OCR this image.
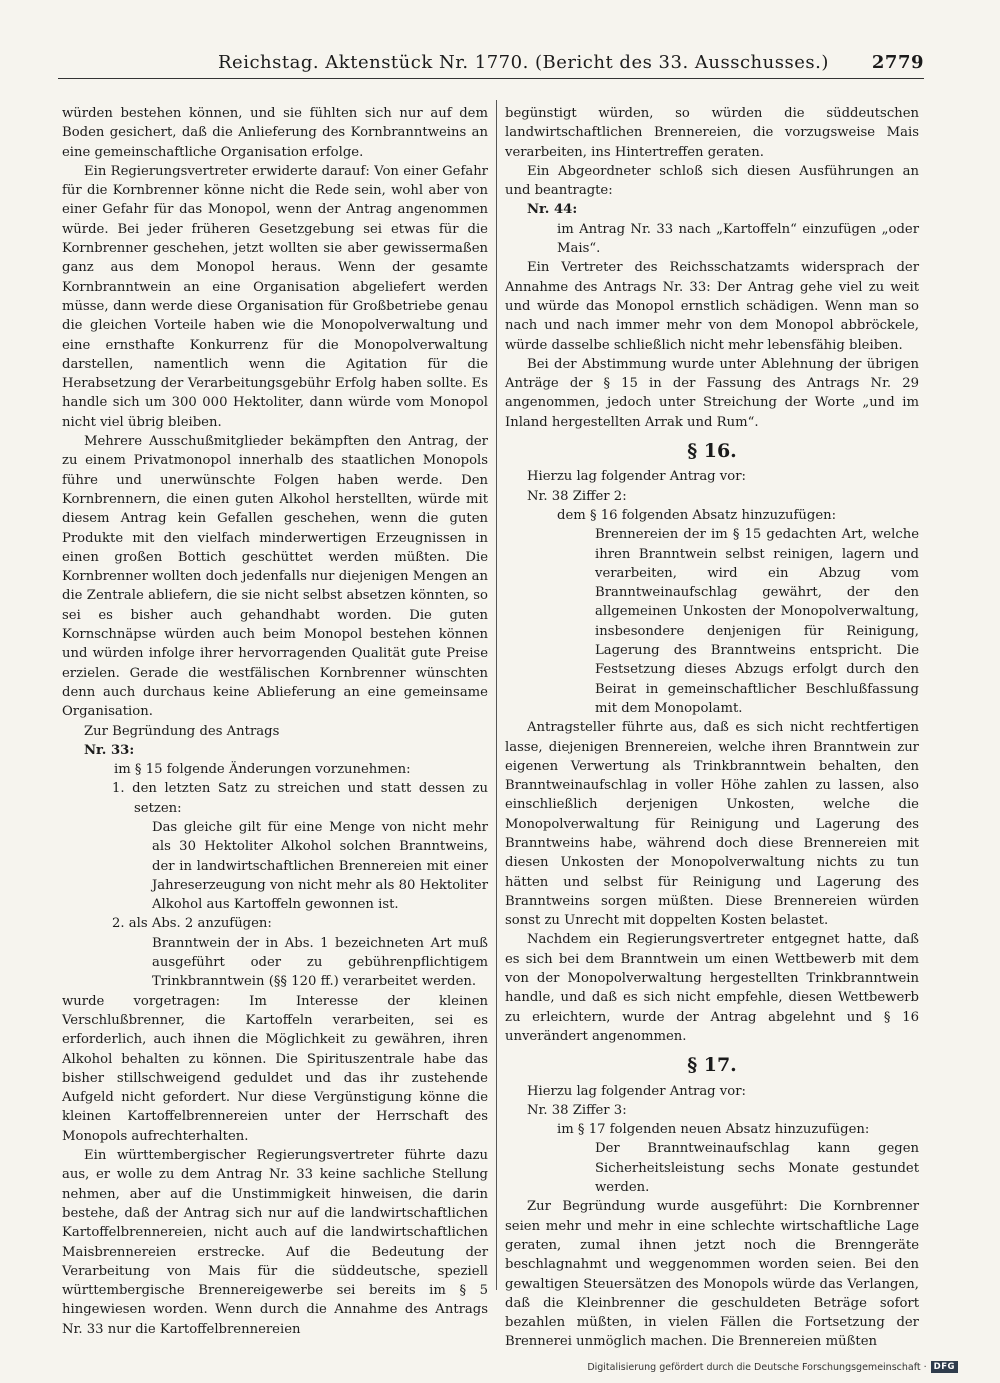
Reichstag. Aktenstück Nr. 1770. (Bericht des 33. Ausschusses.) 2779

würden bestehen können, und sie fühlten sich nur auf dem Boden gesichert, daß die Anlieferung des Kornbranntweins an eine gemeinschaftliche Organisation erfolge.

Ein Regierungsvertreter erwiderte darauf: Von einer Gefahr für die Kornbrenner könne nicht die Rede sein, wohl aber von einer Gefahr für das Monopol, wenn der Antrag angenommen würde. Bei jeder früheren Gesetzgebung sei etwas für die Kornbrenner geschehen, jetzt wollten sie aber gewissermaßen ganz aus dem Monopol heraus. Wenn der gesamte Kornbranntwein an eine Organisation abgeliefert werden müsse, dann werde diese Organisation für Großbetriebe genau die gleichen Vorteile haben wie die Monopolverwaltung und eine ernsthafte Konkurrenz für die Monopolverwaltung darstellen, namentlich wenn die Agitation für die Herabsetzung der Verarbeitungsgebühr Erfolg haben sollte. Es handle sich um 300 000 Hektoliter, dann würde vom Monopol nicht viel übrig bleiben.

Mehrere Ausschußmitglieder bekämpften den Antrag, der zu einem Privatmonopol innerhalb des staatlichen Monopols führe und unerwünschte Folgen haben werde. Den Kornbrennern, die einen guten Alkohol herstellten, würde mit diesem Antrag kein Gefallen geschehen, wenn die guten Produkte mit den vielfach minderwertigen Erzeugnissen in einen großen Bottich geschüttet werden müßten. Die Kornbrenner wollten doch jedenfalls nur diejenigen Mengen an die Zentrale abliefern, die sie nicht selbst absetzen könnten, so sei es bisher auch gehandhabt worden. Die guten Kornschnäpse würden auch beim Monopol bestehen können und würden infolge ihrer hervorragenden Qualität gute Preise erzielen. Gerade die westfälischen Kornbrenner wünschten denn auch durchaus keine Ablieferung an eine gemeinsame Organisation.

Zur Begründung des Antrags

Nr. 33:

im § 15 folgende Änderungen vorzunehmen:

1. den letzten Satz zu streichen und statt dessen zu setzen:

Das gleiche gilt für eine Menge von nicht mehr als 30 Hektoliter Alkohol solchen Branntweins, der in landwirtschaftlichen Brennereien mit einer Jahreserzeugung von nicht mehr als 80 Hektoliter Alkohol aus Kartoffeln gewonnen ist.

2. als Abs. 2 anzufügen:

Branntwein der in Abs. 1 bezeichneten Art muß ausgeführt oder zu gebührenpflichtigem Trinkbranntwein (§§ 120 ff.) verarbeitet werden.

wurde vorgetragen: Im Interesse der kleinen Verschlußbrenner, die Kartoffeln verarbeiten, sei es erforderlich, auch ihnen die Möglichkeit zu gewähren, ihren Alkohol behalten zu können. Die Spirituszentrale habe das bisher stillschweigend geduldet und das ihr zustehende Aufgeld nicht gefordert. Nur diese Vergünstigung könne die kleinen Kartoffelbrennereien unter der Herrschaft des Monopols aufrechterhalten.

Ein württembergischer Regierungsvertreter führte dazu aus, er wolle zu dem Antrag Nr. 33 keine sachliche Stellung nehmen, aber auf die Unstimmigkeit hinweisen, die darin bestehe, daß der Antrag sich nur auf die landwirtschaftlichen Kartoffelbrennereien, nicht auch auf die landwirtschaftlichen Maisbrennereien erstrecke. Auf die Bedeutung der Verarbeitung von Mais für die süddeutsche, speziell württembergische Brennereigewerbe sei bereits im § 5 hingewiesen worden. Wenn durch die Annahme des Antrags Nr. 33 nur die Kartoffelbrennereien

begünstigt würden, so würden die süddeutschen landwirtschaftlichen Brennereien, die vorzugsweise Mais verarbeiten, ins Hintertreffen geraten.

Ein Abgeordneter schloß sich diesen Ausführungen an und beantragte:

Nr. 44:

im Antrag Nr. 33 nach „Kartoffeln“ einzufügen „oder Mais“.

Ein Vertreter des Reichsschatzamts widersprach der Annahme des Antrags Nr. 33: Der Antrag gehe viel zu weit und würde das Monopol ernstlich schädigen. Wenn man so nach und nach immer mehr von dem Monopol abbröckele, würde dasselbe schließlich nicht mehr lebensfähig bleiben.

Bei der Abstimmung wurde unter Ablehnung der übrigen Anträge der § 15 in der Fassung des Antrags Nr. 29 angenommen, jedoch unter Streichung der Worte „und im Inland hergestellten Arrak und Rum“.

§ 16.

Hierzu lag folgender Antrag vor:

Nr. 38 Ziffer 2:

dem § 16 folgenden Absatz hinzuzufügen:

Brennereien der im § 15 gedachten Art, welche ihren Branntwein selbst reinigen, lagern und verarbeiten, wird ein Abzug vom Branntweinaufschlag gewährt, der den allgemeinen Unkosten der Monopolverwaltung, insbesondere denjenigen für Reinigung, Lagerung des Branntweins entspricht. Die Festsetzung dieses Abzugs erfolgt durch den Beirat in gemeinschaftlicher Beschlußfassung mit dem Monopolamt.

Antragsteller führte aus, daß es sich nicht rechtfertigen lasse, diejenigen Brennereien, welche ihren Branntwein zur eigenen Verwertung als Trinkbranntwein behalten, den Branntweinaufschlag in voller Höhe zahlen zu lassen, also einschließlich derjenigen Unkosten, welche die Monopolverwaltung für Reinigung und Lagerung des Branntweins habe, während doch diese Brennereien mit diesen Unkosten der Monopolverwaltung nichts zu tun hätten und selbst für Reinigung und Lagerung des Branntweins sorgen müßten. Diese Brennereien würden sonst zu Unrecht mit doppelten Kosten belastet.

Nachdem ein Regierungsvertreter entgegnet hatte, daß es sich bei dem Branntwein um einen Wettbewerb mit dem von der Monopolverwaltung hergestellten Trinkbranntwein handle, und daß es sich nicht empfehle, diesen Wettbewerb zu erleichtern, wurde der Antrag abgelehnt und § 16 unverändert angenommen.

§ 17.

Hierzu lag folgender Antrag vor:

Nr. 38 Ziffer 3:

im § 17 folgenden neuen Absatz hinzuzufügen:

Der Branntweinaufschlag kann gegen Sicherheitsleistung sechs Monate gestundet werden.

Zur Begründung wurde ausgeführt: Die Kornbrenner seien mehr und mehr in eine schlechte wirtschaftliche Lage geraten, zumal ihnen jetzt noch die Brenngeräte beschlagnahmt und weggenommen worden seien. Bei den gewaltigen Steuersätzen des Monopols würde das Verlangen, daß die Kleinbrenner die geschuldeten Beträge sofort bezahlen müßten, in vielen Fällen die Fortsetzung der Brennerei unmöglich machen. Die Brennereien müßten

Digitalisierung gefördert durch die Deutsche Forschungsgemeinschaft · DFG
